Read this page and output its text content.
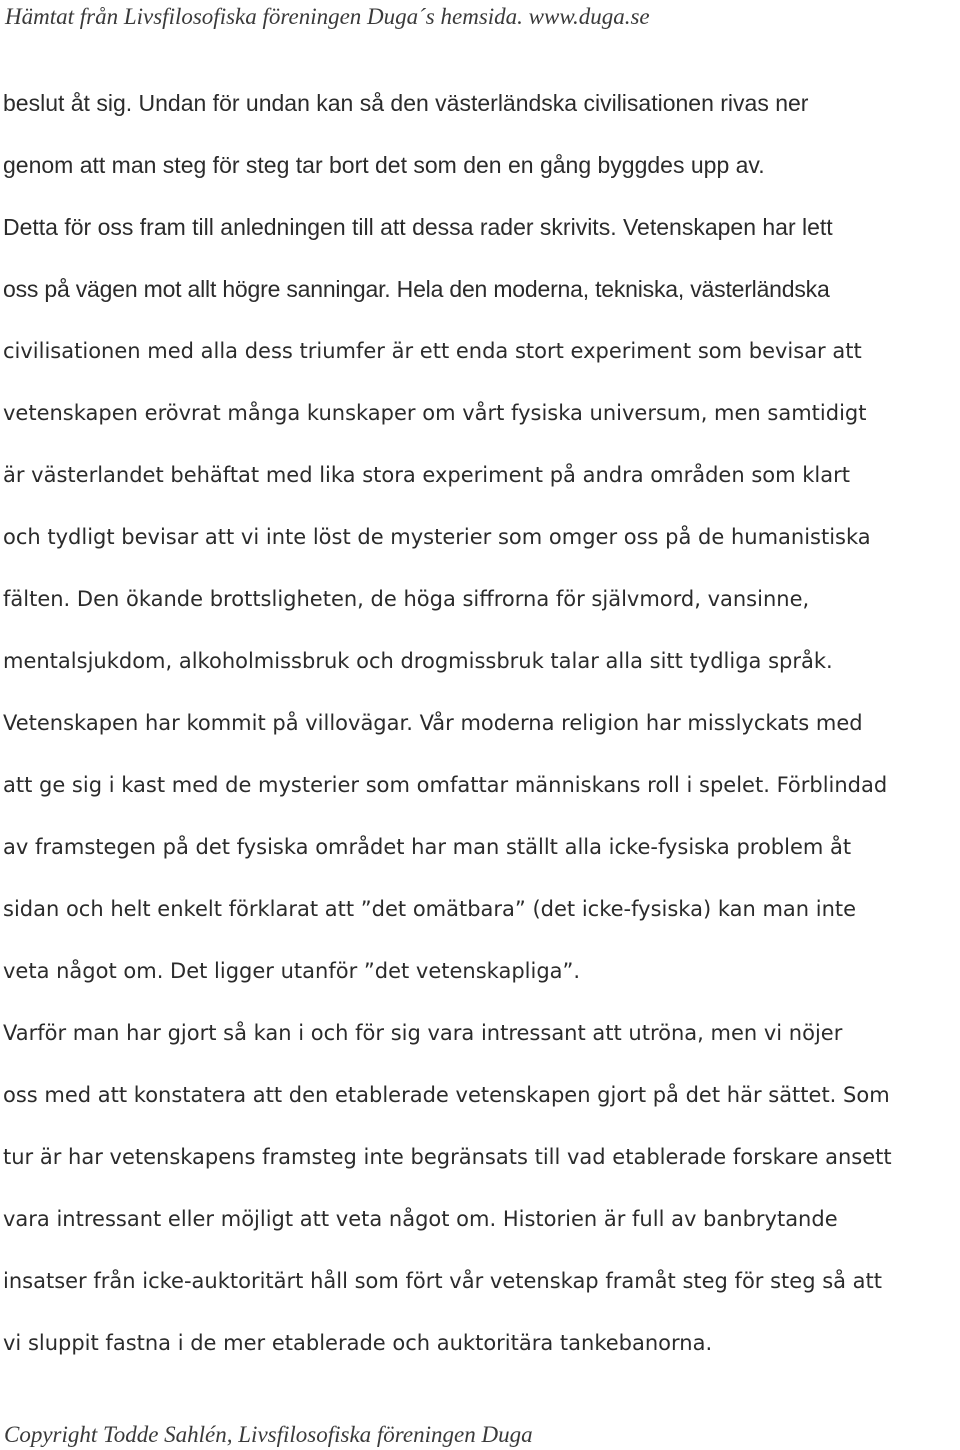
Hämtat från Livsfilosofiska föreningen Duga´s hemsida. www.duga.se
beslut åt sig. Undan för undan kan så den västerländska civilisationen rivas ner
genom att man steg för steg tar bort det som den en gång byggdes upp av.
Detta för oss fram till anledningen till att dessa rader skrivits. Vetenskapen har lett
oss på vägen mot allt högre sanningar. Hela den moderna, tekniska, västerländska
civilisationen med alla dess triumfer är ett enda stort experiment som bevisar att
vetenskapen erövrat många kunskaper om vårt fysiska universum, men samtidigt
är västerlandet behäftat med lika stora experiment på andra områden som klart
och tydligt bevisar att vi inte löst de mysterier som omger oss på de humanistiska
fälten. Den ökande brottsligheten, de höga siffrorna för självmord, vansinne,
mentalsjukdom, alkoholmissbruk och drogmissbruk talar alla sitt tydliga språk.
Vetenskapen har kommit på villovägar. Vår moderna religion har misslyckats med
att ge sig i kast med de mysterier som omfattar människans roll i spelet. Förblindad
av framstegen på det fysiska området har man ställt alla icke-fysiska problem åt
sidan och helt enkelt förklarat att ”det omätbara” (det icke-fysiska) kan man inte
veta något om. Det ligger utanför ”det vetenskapliga”.
Varför man har gjort så kan i och för sig vara intressant att utröna, men vi nöjer
oss med att konstatera att den etablerade vetenskapen gjort på det här sättet. Som
tur är har vetenskapens framsteg inte begränsats till vad etablerade forskare ansett
vara intressant eller möjligt att veta något om. Historien är full av banbrytande
insatser från icke-auktoritärt håll som fört vår vetenskap framåt steg för steg så att
vi sluppit fastna i de mer etablerade och auktoritära tankebanorna.
Copyright Todde Sahlén, Livsfilosofiska föreningen Duga
